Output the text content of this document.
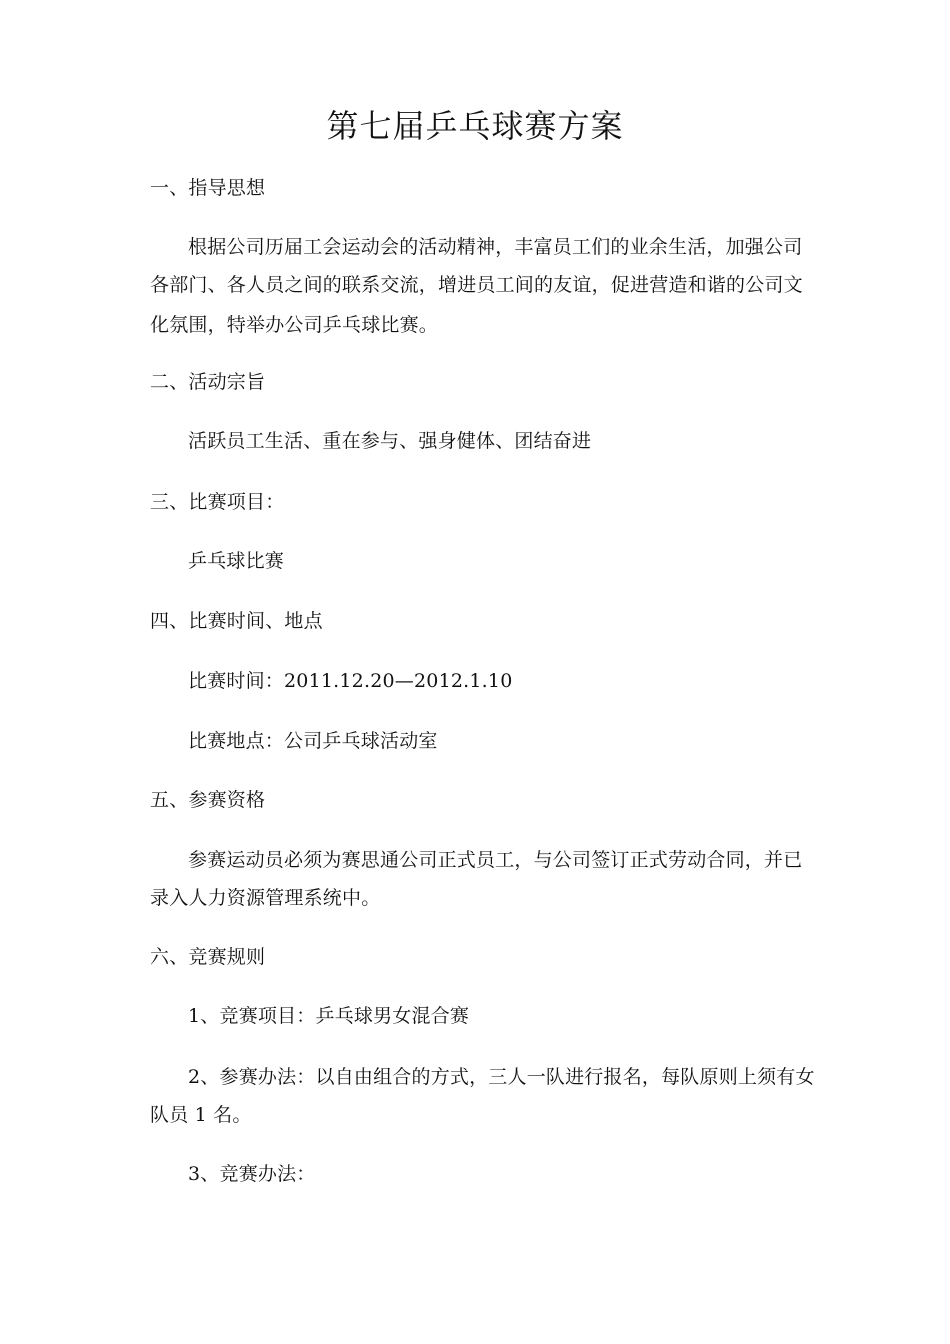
第七届乒乓球赛方案
一、指导思想
根据公司历届工会运动会的活动精神，丰富员工们的业余生活，加强公司
各部门、各人员之间的联系交流，增进员工间的友谊，促进营造和谐的公司文
化氛围，特举办公司乒乓球比赛。
二、活动宗旨
活跃员工生活、重在参与、强身健体、团结奋进
三、比赛项目：
乒乓球比赛
四、比赛时间、地点
比赛时间：2011.12.20—2012.1.10
比赛地点：公司乒乓球活动室
五、参赛资格
参赛运动员必须为赛思通公司正式员工，与公司签订正式劳动合同，并已
录入人力资源管理系统中。
六、竞赛规则
1、竞赛项目：乒乓球男女混合赛
2、参赛办法：以自由组合的方式，三人一队进行报名，每队原则上须有女
队员 1 名。
3、竞赛办法：
